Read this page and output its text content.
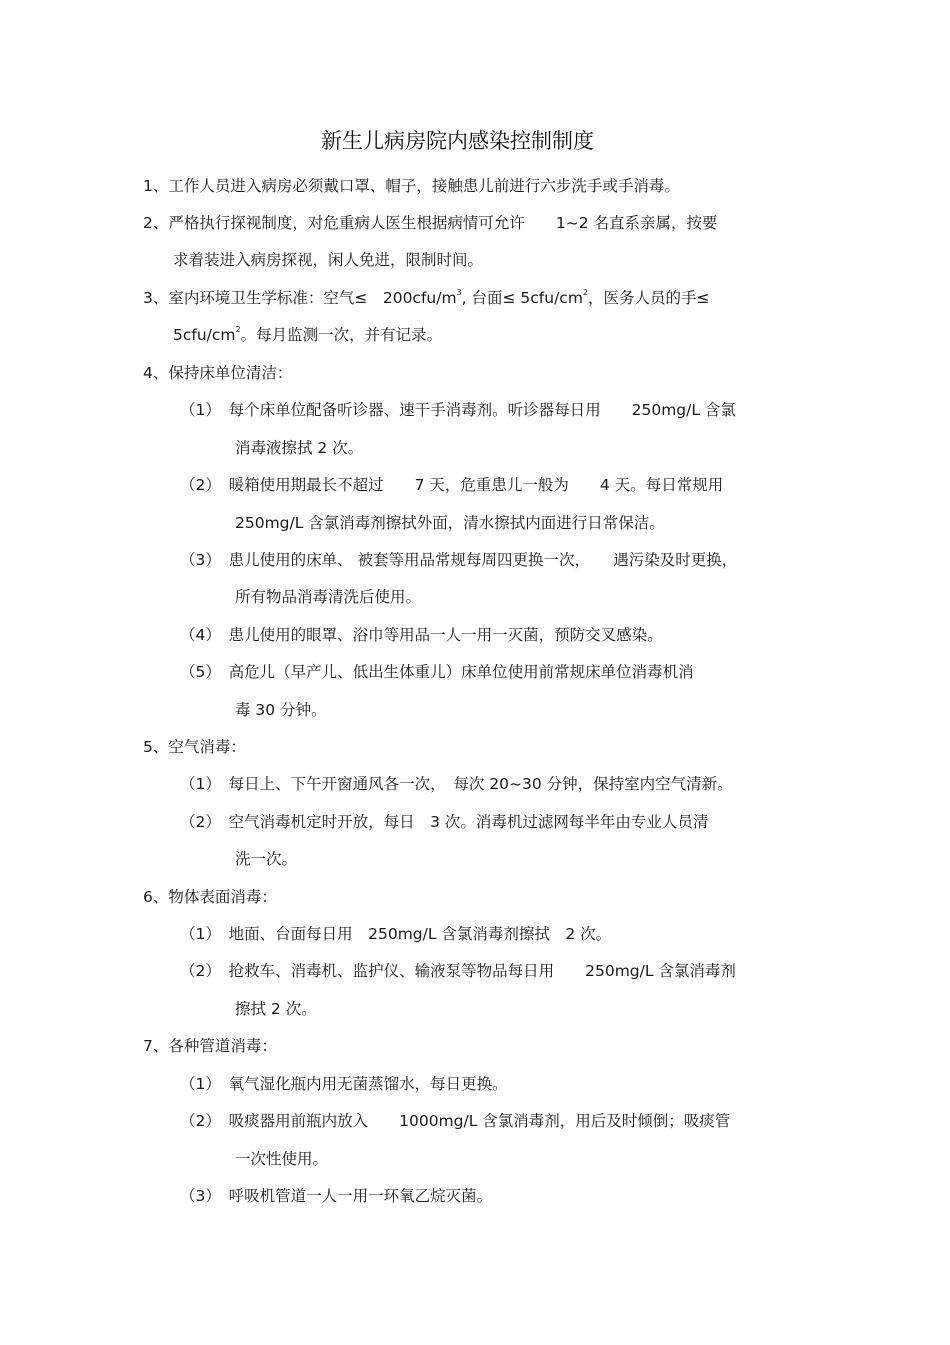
新生儿病房院内感染控制制度
1、工作人员进入病房必须戴口罩、帽子，接触患儿前进行六步洗手或手消毒。
2、严格执行探视制度，对危重病人医生根据病情可允许　　1~2 名直系亲属，按要
求着装进入病房探视，闲人免进，限制时间。
3、室内环境卫生学标准：空气≤　$200cfu/m^3$, 台面≤ $5cfu/cm^2$，医务人员的手≤
$5cfu/cm^2$。每月监测一次，并有记录。
4、保持床单位清洁：
（1）　每个床单位配备听诊器、速干手消毒剂。听诊器每日用　　250mg/L 含氯
消毒液擦拭 2 次。
（2）　暖箱使用期最长不超过　　7 天，危重患儿一般为　　4 天。每日常规用
250mg/L 含氯消毒剂擦拭外面，清水擦拭内面进行日常保洁。
（3）　患儿使用的床单、 被套等用品常规每周四更换一次，　　遇污染及时更换，
所有物品消毒清洗后使用。
（4）　患儿使用的眼罩、浴巾等用品一人一用一灭菌，预防交叉感染。
（5）　高危儿（早产儿、低出生体重儿）床单位使用前常规床单位消毒机消
毒 30 分钟。
5、空气消毒：
（1）　每日上、下午开窗通风各一次，　每次 20~30 分钟，保持室内空气清新。
（2）　空气消毒机定时开放，每日　3 次。消毒机过滤网每半年由专业人员清
洗一次。
6、物体表面消毒：
（1）　地面、台面每日用　250mg/L 含氯消毒剂擦拭　2 次。
（2）　抢救车、消毒机、监护仪、输液泵等物品每日用　　250mg/L 含氯消毒剂
擦拭 2 次。
7、各种管道消毒：
（1）　氧气湿化瓶内用无菌蒸馏水，每日更换。
（2）　吸痰器用前瓶内放入　　1000mg/L 含氯消毒剂，用后及时倾倒；吸痰管
一次性使用。
（3）　呼吸机管道一人一用一环氧乙烷灭菌。
